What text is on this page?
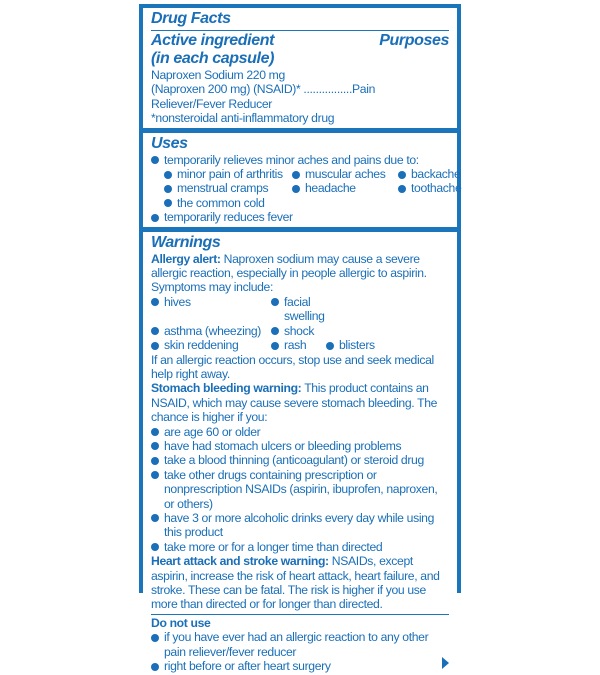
Drug Facts
Active ingredient	Purposes
(in each capsule)
Naproxen Sodium 220 mg
(Naproxen 200 mg) (NSAID)* ................Pain Reliever/Fever Reducer
*nonsteroidal anti-inflammatory drug
Uses
temporarily relieves minor aches and pains due to:
minor pain of arthritis	muscular aches	backache
menstrual cramps	headache	toothache
the common cold
temporarily reduces fever
Warnings
Allergy alert: Naproxen sodium may cause a severe allergic reaction, especially in people allergic to aspirin. Symptoms may include:
hives	facial swelling
asthma (wheezing)	shock
skin reddening	rash	blisters
If an allergic reaction occurs, stop use and seek medical help right away.
Stomach bleeding warning: This product contains an NSAID, which may cause severe stomach bleeding. The chance is higher if you:
are age 60 or older
have had stomach ulcers or bleeding problems
take a blood thinning (anticoagulant) or steroid drug
take other drugs containing prescription or nonprescription NSAIDs (aspirin, ibuprofen, naproxen, or others)
have 3 or more alcoholic drinks every day while using this product
take more or for a longer time than directed
Heart attack and stroke warning: NSAIDs, except aspirin, increase the risk of heart attack, heart failure, and stroke. These can be fatal. The risk is higher if you use more than directed or for longer than directed.
Do not use
if you have ever had an allergic reaction to any other pain reliever/fever reducer
right before or after heart surgery
